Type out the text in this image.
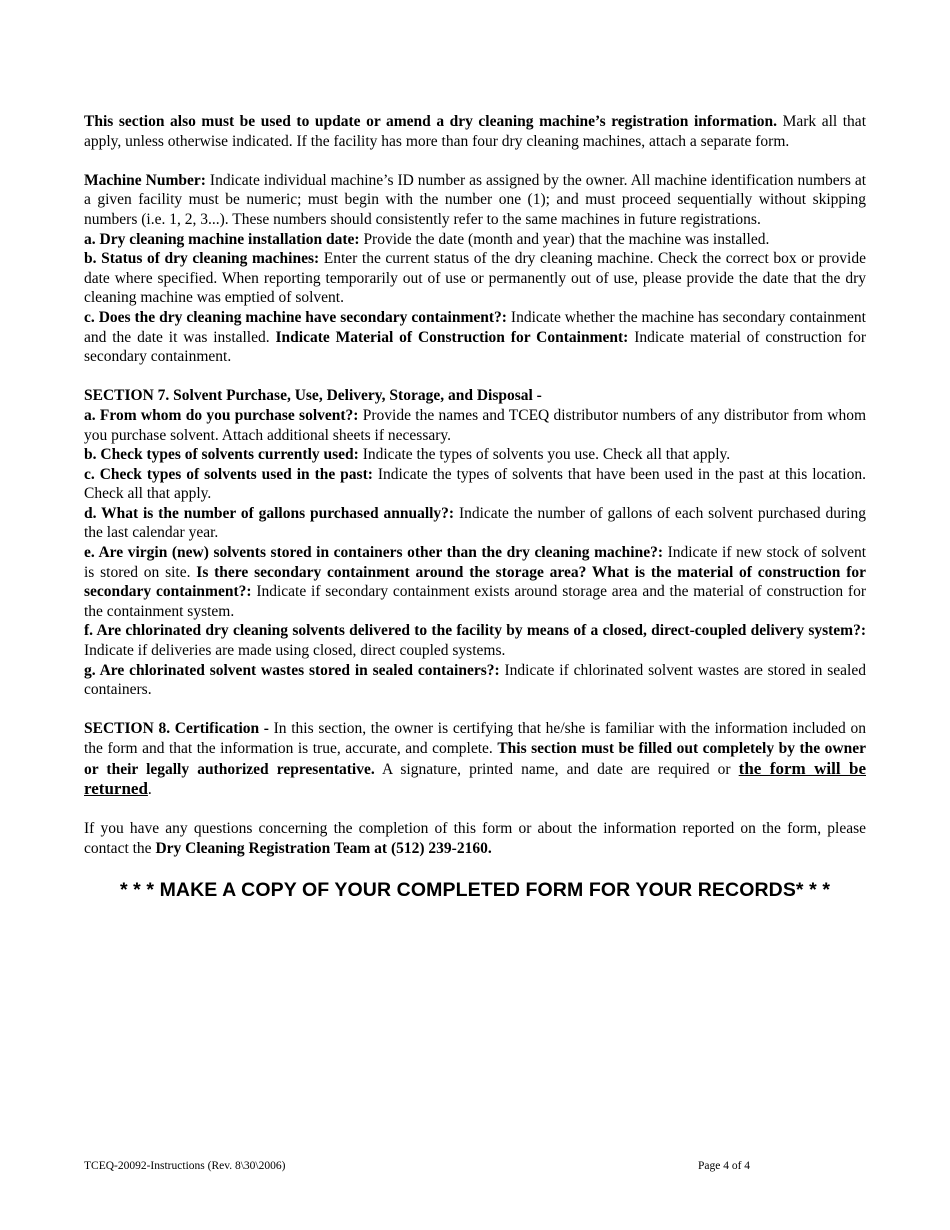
This section also must be used to update or amend a dry cleaning machine’s registration information. Mark all that apply, unless otherwise indicated. If the facility has more than four dry cleaning machines, attach a separate form.

Machine Number: Indicate individual machine’s ID number as assigned by the owner. All machine identification numbers at a given facility must be numeric; must begin with the number one (1); and must proceed sequentially without skipping numbers (i.e. 1, 2, 3...). These numbers should consistently refer to the same machines in future registrations.

a. Dry cleaning machine installation date: Provide the date (month and year) that the machine was installed.

b. Status of dry cleaning machines: Enter the current status of the dry cleaning machine. Check the correct box or provide date where specified. When reporting temporarily out of use or permanently out of use, please provide the date that the dry cleaning machine was emptied of solvent.

c. Does the dry cleaning machine have secondary containment?: Indicate whether the machine has secondary containment and the date it was installed. Indicate Material of Construction for Containment: Indicate material of construction for secondary containment.

SECTION 7. Solvent Purchase, Use, Delivery, Storage, and Disposal -

a. From whom do you purchase solvent?: Provide the names and TCEQ distributor numbers of any distributor from whom you purchase solvent. Attach additional sheets if necessary.

b. Check types of solvents currently used: Indicate the types of solvents you use. Check all that apply.

c. Check types of solvents used in the past: Indicate the types of solvents that have been used in the past at this location. Check all that apply.

d. What is the number of gallons purchased annually?: Indicate the number of gallons of each solvent purchased during the last calendar year.

e. Are virgin (new) solvents stored in containers other than the dry cleaning machine?: Indicate if new stock of solvent is stored on site. Is there secondary containment around the storage area? What is the material of construction for secondary containment?: Indicate if secondary containment exists around storage area and the material of construction for the containment system.

f. Are chlorinated dry cleaning solvents delivered to the facility by means of a closed, direct-coupled delivery system?: Indicate if deliveries are made using closed, direct coupled systems.

g. Are chlorinated solvent wastes stored in sealed containers?: Indicate if chlorinated solvent wastes are stored in sealed containers.

SECTION 8. Certification - In this section, the owner is certifying that he/she is familiar with the information included on the form and that the information is true, accurate, and complete. This section must be filled out completely by the owner or their legally authorized representative. A signature, printed name, and date are required or the form will be returned.

If you have any questions concerning the completion of this form or about the information reported on the form, please contact the Dry Cleaning Registration Team at (512) 239-2160.

* * * MAKE A COPY OF YOUR COMPLETED FORM FOR YOUR RECORDS* * *
TCEQ-20092-Instructions (Rev. 8\30\2006)	Page 4 of 4
